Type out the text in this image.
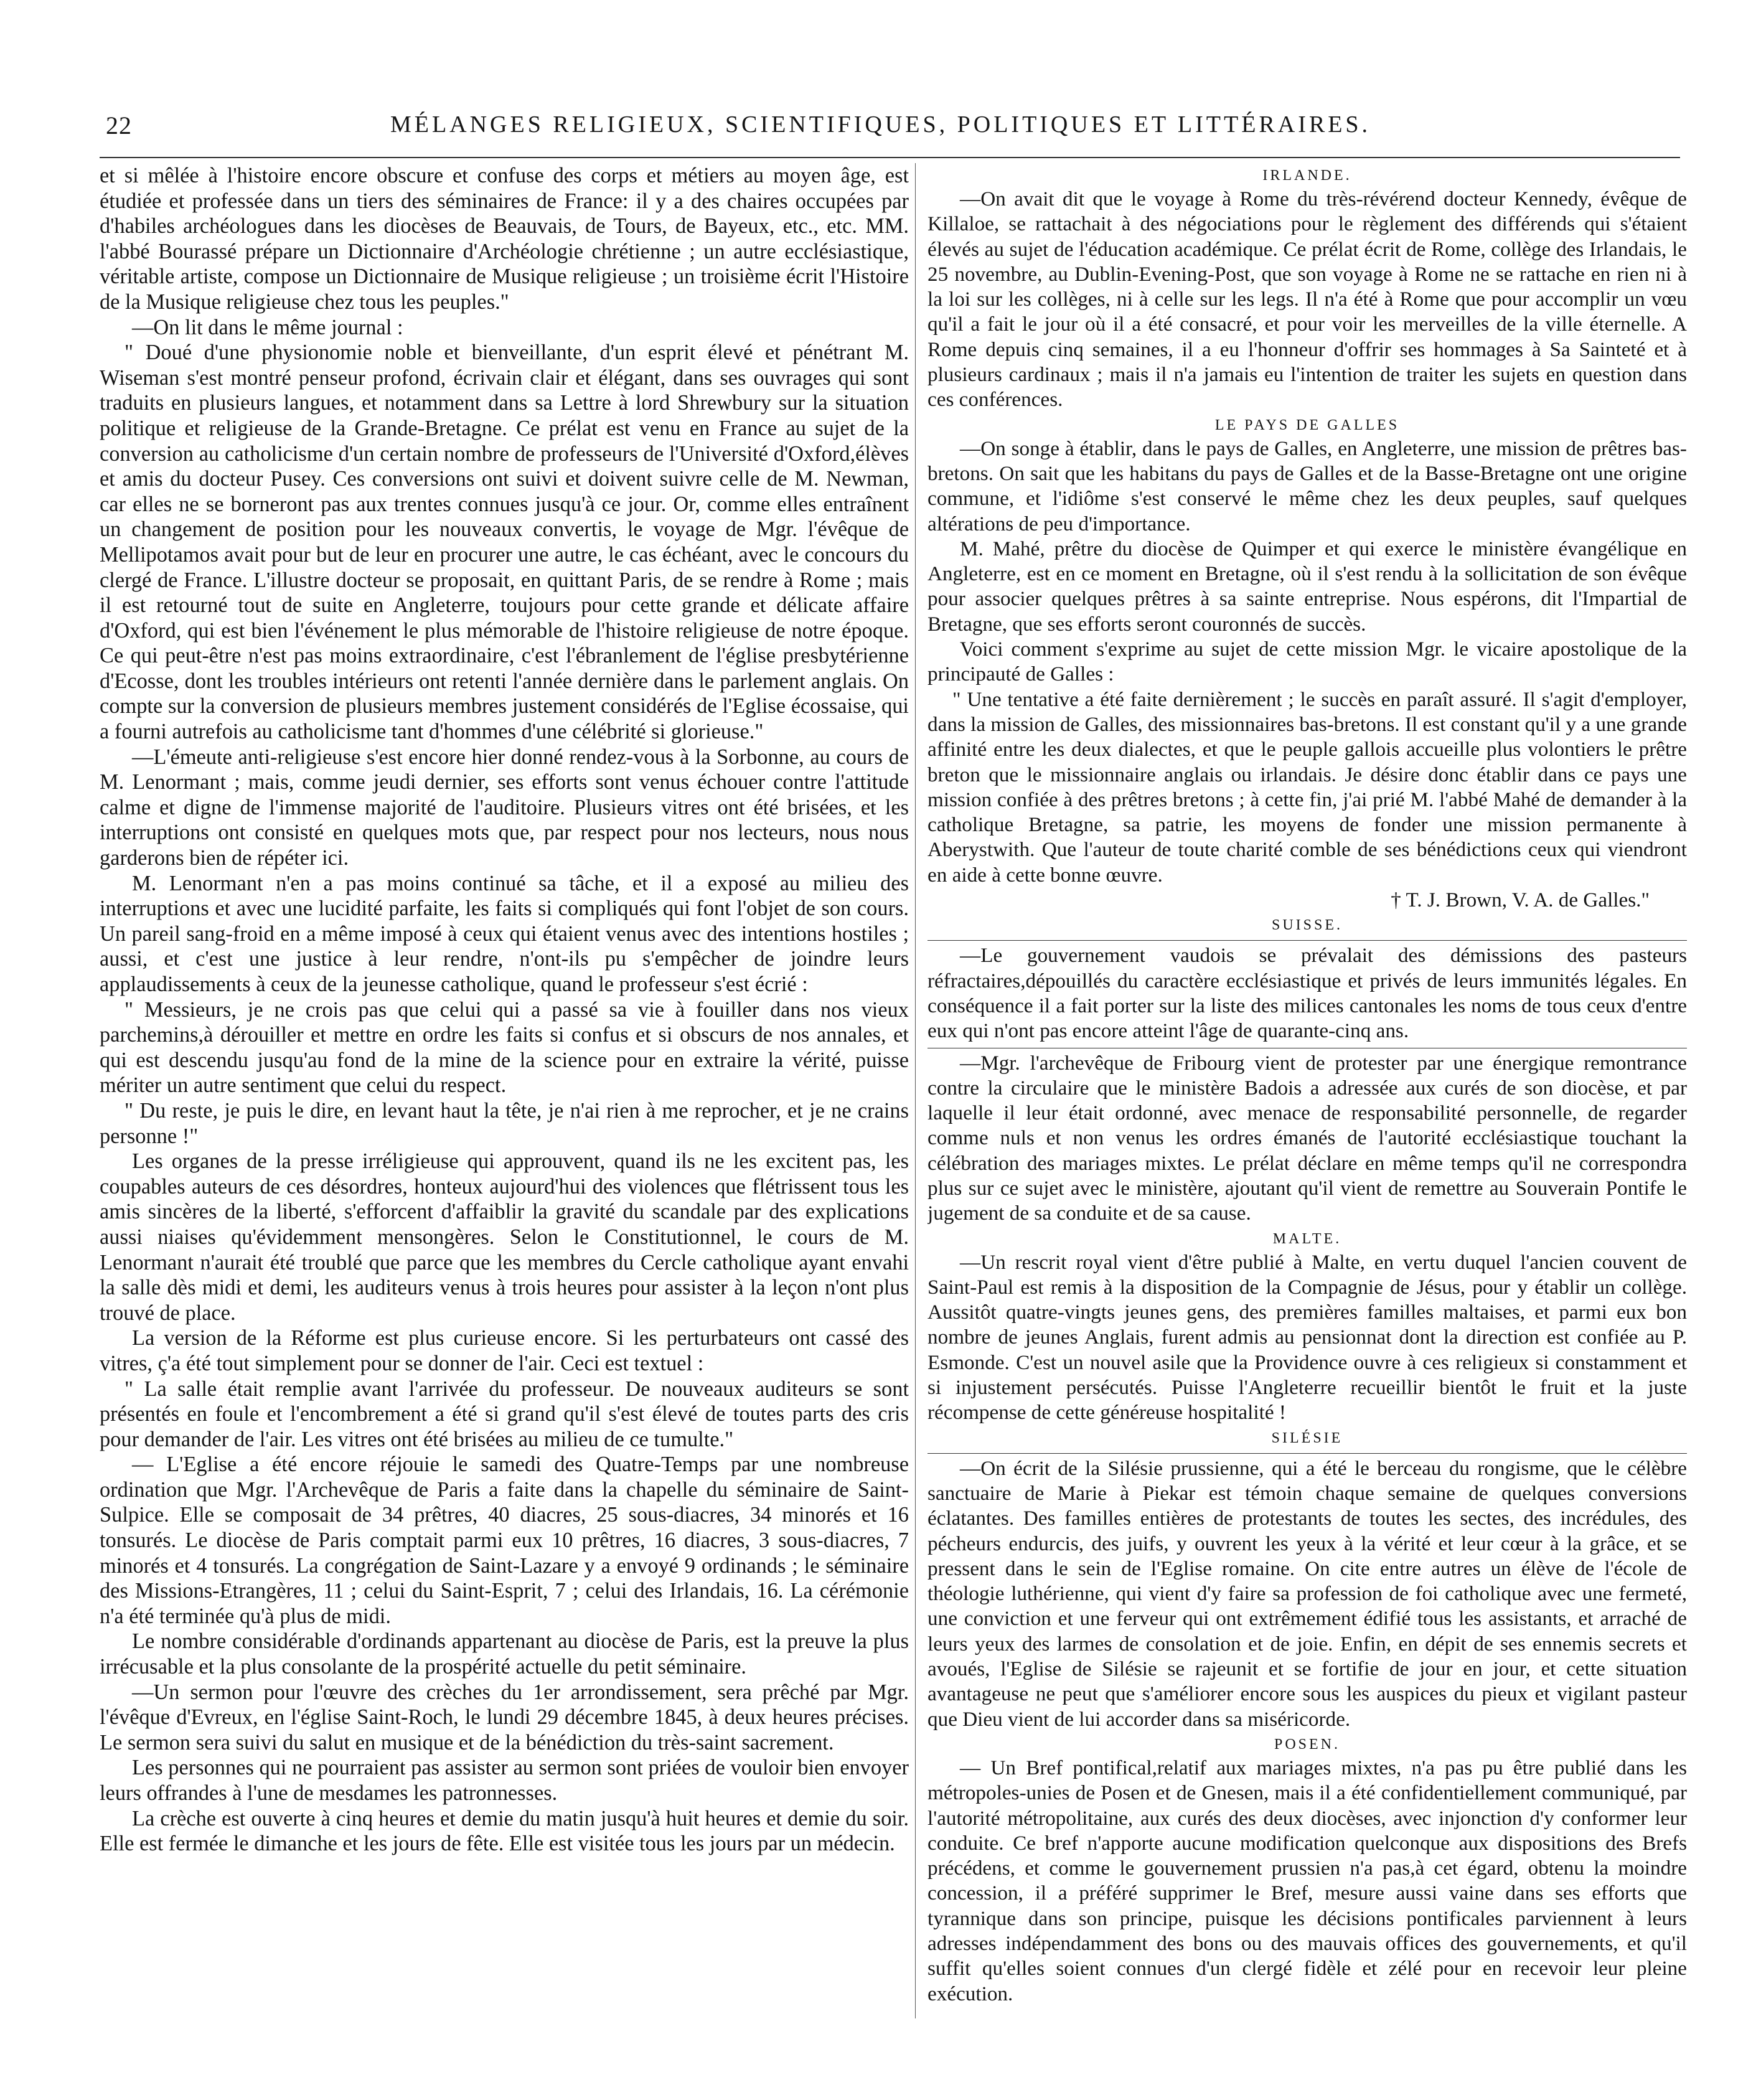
22	MÉLANGES RELIGIEUX, SCIENTIFIQUES, POLITIQUES ET LITTÉRAIRES.

et si mêlée à l'histoire encore obscure et confuse des corps et métiers au moyen âge, est étudiée et professée dans un tiers des séminaires de France: il y a des chaires occupées par d'habiles archéologues dans les diocèses de Beauvais, de Tours, de Bayeux, etc., etc. MM. l'abbé Bourassé prépare un Dictionnaire d'Archéologie chrétienne ; un autre ecclésiastique, véritable artiste, compose un Dictionnaire de Musique religieuse ; un troisième écrit l'Histoire de la Musique religieuse chez tous les peuples."

—On lit dans le même journal :

" Doué d'une physionomie noble et bienveillante, d'un esprit élevé et pénétrant M. Wiseman s'est montré penseur profond, écrivain clair et élégant, dans ses ouvrages qui sont traduits en plusieurs langues, et notamment dans sa Lettre à lord Shrewbury sur la situation politique et religieuse de la Grande-Bretagne. Ce prélat est venu en France au sujet de la conversion au catholicisme d'un certain nombre de professeurs de l'Université d'Oxford,élèves et amis du docteur Pusey. Ces conversions ont suivi et doivent suivre celle de M. Newman, car elles ne se borneront pas aux trentes connues jusqu'à ce jour. Or, comme elles entraînent un changement de position pour les nouveaux convertis, le voyage de Mgr. l'évêque de Mellipotamos avait pour but de leur en procurer une autre, le cas échéant, avec le concours du clergé de France. L'illustre docteur se proposait, en quittant Paris, de se rendre à Rome ; mais il est retourné tout de suite en Angleterre, toujours pour cette grande et délicate affaire d'Oxford, qui est bien l'événement le plus mémorable de l'histoire religieuse de notre époque. Ce qui peut-être n'est pas moins extraordinaire, c'est l'ébranlement de l'église presbytérienne d'Ecosse, dont les troubles intérieurs ont retenti l'année dernière dans le parlement anglais. On compte sur la conversion de plusieurs membres justement considérés de l'Eglise écossaise, qui a fourni autrefois au catholicisme tant d'hommes d'une célébrité si glorieuse."

—L'émeute anti-religieuse s'est encore hier donné rendez-vous à la Sorbonne, au cours de M. Lenormant ; mais, comme jeudi dernier, ses efforts sont venus échouer contre l'attitude calme et digne de l'immense majorité de l'auditoire. Plusieurs vitres ont été brisées, et les interruptions ont consisté en quelques mots que, par respect pour nos lecteurs, nous nous garderons bien de répéter ici.

M. Lenormant n'en a pas moins continué sa tâche, et il a exposé au milieu des interruptions et avec une lucidité parfaite, les faits si compliqués qui font l'objet de son cours. Un pareil sang-froid en a même imposé à ceux qui étaient venus avec des intentions hostiles ; aussi, et c'est une justice à leur rendre, n'ont-ils pu s'empêcher de joindre leurs applaudissements à ceux de la jeunesse catholique, quand le professeur s'est écrié :

" Messieurs, je ne crois pas que celui qui a passé sa vie à fouiller dans nos vieux parchemins,à dérouiller et mettre en ordre les faits si confus et si obscurs de nos annales, et qui est descendu jusqu'au fond de la mine de la science pour en extraire la vérité, puisse mériter un autre sentiment que celui du respect.

" Du reste, je puis le dire, en levant haut la tête, je n'ai rien à me reprocher, et je ne crains personne !"

Les organes de la presse irréligieuse qui approuvent, quand ils ne les excitent pas, les coupables auteurs de ces désordres, honteux aujourd'hui des violences que flétrissent tous les amis sincères de la liberté, s'efforcent d'affaiblir la gravité du scandale par des explications aussi niaises qu'évidemment mensongères. Selon le Constitutionnel, le cours de M. Lenormant n'aurait été troublé que parce que les membres du Cercle catholique ayant envahi la salle dès midi et demi, les auditeurs venus à trois heures pour assister à la leçon n'ont plus trouvé de place.

La version de la Réforme est plus curieuse encore. Si les perturbateurs ont cassé des vitres, ç'a été tout simplement pour se donner de l'air. Ceci est textuel :

" La salle était remplie avant l'arrivée du professeur. De nouveaux auditeurs se sont présentés en foule et l'encombrement a été si grand qu'il s'est élevé de toutes parts des cris pour demander de l'air. Les vitres ont été brisées au milieu de ce tumulte."

— L'Eglise a été encore réjouie le samedi des Quatre-Temps par une nombreuse ordination que Mgr. l'Archevêque de Paris a faite dans la chapelle du séminaire de Saint-Sulpice. Elle se composait de 34 prêtres, 40 diacres, 25 sous-diacres, 34 minorés et 16 tonsurés. Le diocèse de Paris comptait parmi eux 10 prêtres, 16 diacres, 3 sous-diacres, 7 minorés et 4 tonsurés. La congrégation de Saint-Lazare y a envoyé 9 ordinands ; le séminaire des Missions-Etrangères, 11 ; celui du Saint-Esprit, 7 ; celui des Irlandais, 16. La cérémonie n'a été terminée qu'à plus de midi.

Le nombre considérable d'ordinands appartenant au diocèse de Paris, est la preuve la plus irrécusable et la plus consolante de la prospérité actuelle du petit séminaire.

—Un sermon pour l'œuvre des crèches du 1er arrondissement, sera prêché par Mgr. l'évêque d'Evreux, en l'église Saint-Roch, le lundi 29 décembre 1845, à deux heures précises. Le sermon sera suivi du salut en musique et de la bénédiction du très-saint sacrement.

Les personnes qui ne pourraient pas assister au sermon sont priées de vouloir bien envoyer leurs offrandes à l'une de mesdames les patronnesses.

La crèche est ouverte à cinq heures et demie du matin jusqu'à huit heures et demie du soir. Elle est fermée le dimanche et les jours de fête. Elle est visitée tous les jours par un médecin.

IRLANDE.

—On avait dit que le voyage à Rome du très-révérend docteur Kennedy, évêque de Killaloe, se rattachait à des négociations pour le règlement des différends qui s'étaient élevés au sujet de l'éducation académique. Ce prélat écrit de Rome, collège des Irlandais, le 25 novembre, au Dublin-Evening-Post, que son voyage à Rome ne se rattache en rien ni à la loi sur les collèges, ni à celle sur les legs. Il n'a été à Rome que pour accomplir un vœu qu'il a fait le jour où il a été consacré, et pour voir les merveilles de la ville éternelle. A Rome depuis cinq semaines, il a eu l'honneur d'offrir ses hommages à Sa Sainteté et à plusieurs cardinaux ; mais il n'a jamais eu l'intention de traiter les sujets en question dans ces conférences.

LE PAYS DE GALLES

—On songe à établir, dans le pays de Galles, en Angleterre, une mission de prêtres bas-bretons. On sait que les habitans du pays de Galles et de la Basse-Bretagne ont une origine commune, et l'idiôme s'est conservé le même chez les deux peuples, sauf quelques altérations de peu d'importance.

M. Mahé, prêtre du diocèse de Quimper et qui exerce le ministère évangélique en Angleterre, est en ce moment en Bretagne, où il s'est rendu à la sollicitation de son évêque pour associer quelques prêtres à sa sainte entreprise. Nous espérons, dit l'Impartial de Bretagne, que ses efforts seront couronnés de succès.

Voici comment s'exprime au sujet de cette mission Mgr. le vicaire apostolique de la principauté de Galles :

" Une tentative a été faite dernièrement ; le succès en paraît assuré. Il s'agit d'employer, dans la mission de Galles, des missionnaires bas-bretons. Il est constant qu'il y a une grande affinité entre les deux dialectes, et que le peuple gallois accueille plus volontiers le prêtre breton que le missionnaire anglais ou irlandais. Je désire donc établir dans ce pays une mission confiée à des prêtres bretons ; à cette fin, j'ai prié M. l'abbé Mahé de demander à la catholique Bretagne, sa patrie, les moyens de fonder une mission permanente à Aberystwith. Que l'auteur de toute charité comble de ses bénédictions ceux qui viendront en aide à cette bonne œuvre.

† T. J. Brown, V. A. de Galles."

SUISSE.

—Le gouvernement vaudois se prévalait des démissions des pasteurs réfractaires,dépouillés du caractère ecclésiastique et privés de leurs immunités légales. En conséquence il a fait porter sur la liste des milices cantonales les noms de tous ceux d'entre eux qui n'ont pas encore atteint l'âge de quarante-cinq ans.

—Mgr. l'archevêque de Fribourg vient de protester par une énergique remontrance contre la circulaire que le ministère Badois a adressée aux curés de son diocèse, et par laquelle il leur était ordonné, avec menace de responsabilité personnelle, de regarder comme nuls et non venus les ordres émanés de l'autorité ecclésiastique touchant la célébration des mariages mixtes. Le prélat déclare en même temps qu'il ne correspondra plus sur ce sujet avec le ministère, ajoutant qu'il vient de remettre au Souverain Pontife le jugement de sa conduite et de sa cause.

MALTE.

—Un rescrit royal vient d'être publié à Malte, en vertu duquel l'ancien couvent de Saint-Paul est remis à la disposition de la Compagnie de Jésus, pour y établir un collège. Aussitôt quatre-vingts jeunes gens, des premières familles maltaises, et parmi eux bon nombre de jeunes Anglais, furent admis au pensionnat dont la direction est confiée au P. Esmonde. C'est un nouvel asile que la Providence ouvre à ces religieux si constamment et si injustement persécutés. Puisse l'Angleterre recueillir bientôt le fruit et la juste récompense de cette généreuse hospitalité !

SILÉSIE

—On écrit de la Silésie prussienne, qui a été le berceau du rongisme, que le célèbre sanctuaire de Marie à Piekar est témoin chaque semaine de quelques conversions éclatantes. Des familles entières de protestants de toutes les sectes, des incrédules, des pécheurs endurcis, des juifs, y ouvrent les yeux à la vérité et leur cœur à la grâce, et se pressent dans le sein de l'Eglise romaine. On cite entre autres un élève de l'école de théologie luthérienne, qui vient d'y faire sa profession de foi catholique avec une fermeté, une conviction et une ferveur qui ont extrêmement édifié tous les assistants, et arraché de leurs yeux des larmes de consolation et de joie. Enfin, en dépit de ses ennemis secrets et avoués, l'Eglise de Silésie se rajeunit et se fortifie de jour en jour, et cette situation avantageuse ne peut que s'améliorer encore sous les auspices du pieux et vigilant pasteur que Dieu vient de lui accorder dans sa miséricorde.

POSEN.

— Un Bref pontifical,relatif aux mariages mixtes, n'a pas pu être publié dans les métropoles-unies de Posen et de Gnesen, mais il a été confidentiellement communiqué, par l'autorité métropolitaine, aux curés des deux diocèses, avec injonction d'y conformer leur conduite. Ce bref n'apporte aucune modification quelconque aux dispositions des Brefs précédens, et comme le gouvernement prussien n'a pas,à cet égard, obtenu la moindre concession, il a préféré supprimer le Bref, mesure aussi vaine dans ses efforts que tyrannique dans son principe, puisque les décisions pontificales parviennent à leurs adresses indépendamment des bons ou des mauvais offices des gouvernements, et qu'il suffit qu'elles soient connues d'un clergé fidèle et zélé pour en recevoir leur pleine exécution.
